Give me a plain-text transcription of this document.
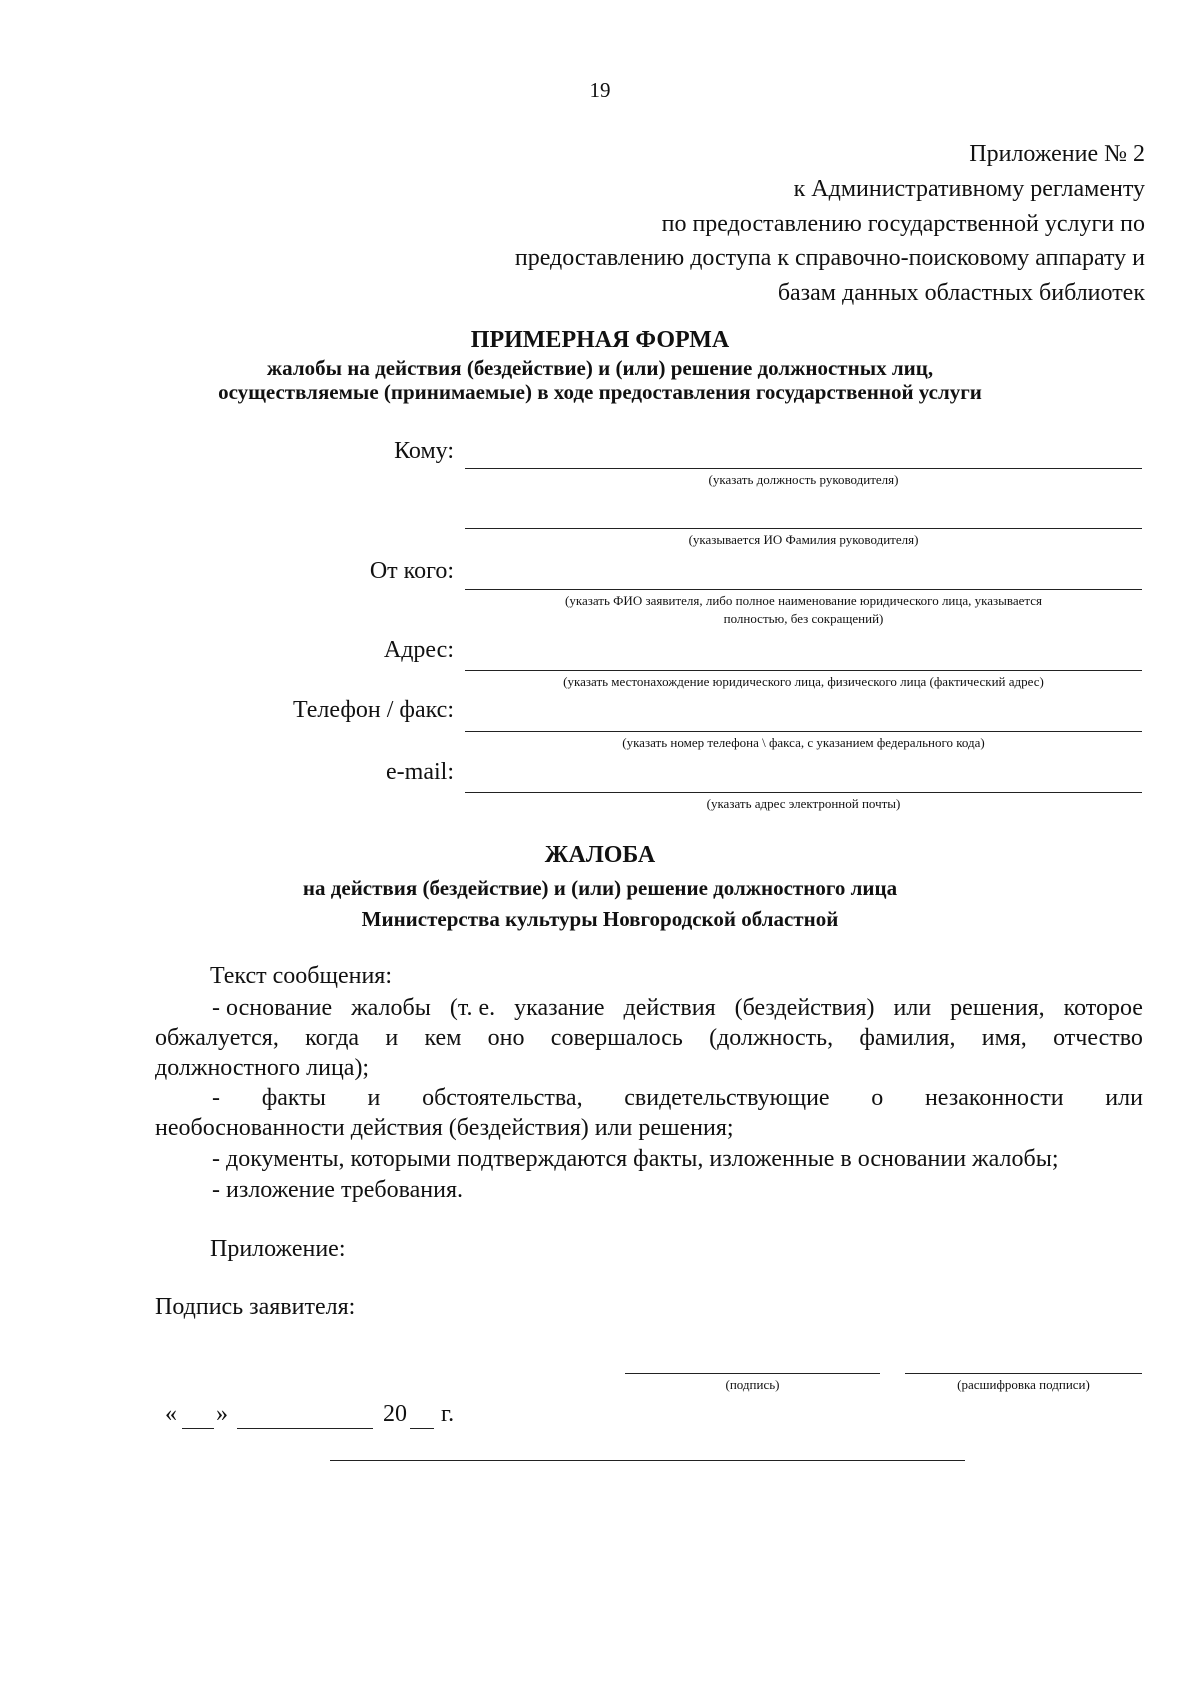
19
Приложение № 2
к Административному регламенту
по предоставлению государственной услуги по
предоставлению доступа к справочно-поисковому аппарату и
базам данных областных библиотек
ПРИМЕРНАЯ ФОРМА
жалобы на действия (бездействие) и (или) решение должностных лиц,
осуществляемые (принимаемые) в ходе предоставления государственной услуги
Кому:
(указать должность руководителя)
(указывается ИО Фамилия руководителя)
От кого:
(указать ФИО заявителя, либо полное наименование юридического лица, указывается
полностью, без сокращений)
Адрес:
(указать местонахождение юридического лица, физического лица (фактический адрес)
Телефон / факс:
(указать номер телефона \ факса, с указанием федерального кода)
e-mail:
(указать адрес электронной почты)
ЖАЛОБА
на действия (бездействие) и (или) решение должностного лица
Министерства культуры Новгородской областной
Текст сообщения:
- основание жалобы (т. е. указание действия (бездействия) или решения, которое
обжалуется, когда и кем оно совершалось (должность, фамилия, имя, отчество
должностного лица);
- факты и обстоятельства, свидетельствующие о незаконности или
необоснованности действия (бездействия) или решения;
- документы, которыми подтверждаются факты, изложенные в основании жалобы;
- изложение требования.
Приложение:
Подпись заявителя:
(подпись)	(расшифровка подписи)
« »	20 г.
